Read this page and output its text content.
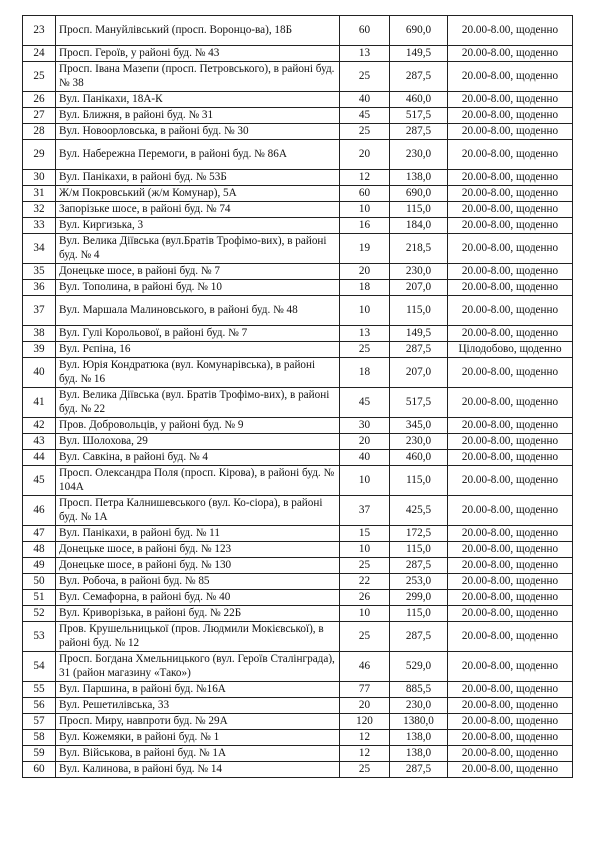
23	Просп. Мануйлівський (просп. Воронцо-ва), 18Б	60	690,0	20.00-8.00, щоденно
24	Просп. Героїв, у районі буд. № 43	13	149,5	20.00-8.00, щоденно
25	Просп. Івана Мазепи (просп. Петровського), в районі буд. № 38	25	287,5	20.00-8.00, щоденно
26	Вул. Панікахи, 18А-К	40	460,0	20.00-8.00, щоденно
27	Вул. Ближня, в районі буд. № 31	45	517,5	20.00-8.00, щоденно
28	Вул. Новоорловська, в районі буд. № 30	25	287,5	20.00-8.00, щоденно
29	Вул. Набережна Перемоги, в районі буд. № 86А	20	230,0	20.00-8.00, щоденно
30	Вул. Панікахи, в районі буд. № 53Б	12	138,0	20.00-8.00, щоденно
31	Ж/м Покровський (ж/м Комунар), 5А	60	690,0	20.00-8.00, щоденно
32	Запорізьке шосе, в районі буд. № 74	10	115,0	20.00-8.00, щоденно
33	Вул. Киргизька, 3	16	184,0	20.00-8.00, щоденно
34	Вул. Велика Діївська (вул.Братів Трофімо-вих), в районі буд. № 4	19	218,5	20.00-8.00, щоденно
35	Донецьке шосе, в районі буд. № 7	20	230,0	20.00-8.00, щоденно
36	Вул. Тополина, в районі буд. № 10	18	207,0	20.00-8.00, щоденно
37	Вул. Маршала Малиновського, в районі буд. № 48	10	115,0	20.00-8.00, щоденно
38	Вул. Гулі Корольової, в районі буд. № 7	13	149,5	20.00-8.00, щоденно
39	Вул. Рєпіна, 16	25	287,5	Цілодобово, щоденно
40	Вул. Юрія Кондратюка (вул. Комунарівська), в районі буд. № 16	18	207,0	20.00-8.00, щоденно
41	Вул. Велика Діївська (вул. Братів Трофімо-вих), в районі буд. № 22	45	517,5	20.00-8.00, щоденно
42	Пров. Добровольців, у районі буд. № 9	30	345,0	20.00-8.00, щоденно
43	Вул. Шолохова, 29	20	230,0	20.00-8.00, щоденно
44	Вул. Савкіна, в районі буд. № 4	40	460,0	20.00-8.00, щоденно
45	Просп. Олександра Поля (просп. Кірова), в районі буд. № 104А	10	115,0	20.00-8.00, щоденно
46	Просп. Петра Калнишевського (вул. Ко-сіора), в районі буд. № 1А	37	425,5	20.00-8.00, щоденно
47	Вул. Панікахи, в районі буд. № 11	15	172,5	20.00-8.00, щоденно
48	Донецьке шосе, в районі буд. № 123	10	115,0	20.00-8.00, щоденно
49	Донецьке шосе, в районі буд. № 130	25	287,5	20.00-8.00, щоденно
50	Вул. Робоча, в районі буд. № 85	22	253,0	20.00-8.00, щоденно
51	Вул. Семафорна, в районі буд. № 40	26	299,0	20.00-8.00, щоденно
52	Вул. Криворізька, в районі буд. № 22Б	10	115,0	20.00-8.00, щоденно
53	Пров. Крушельницької (пров. Людмили Мокієвської), в районі буд. № 12	25	287,5	20.00-8.00, щоденно
54	Просп. Богдана Хмельницького (вул. Героїв Сталінграда), 31 (район магазину «Тако»)	46	529,0	20.00-8.00, щоденно
55	Вул. Паршина, в районі буд. №16А	77	885,5	20.00-8.00, щоденно
56	Вул. Решетилівська, 33	20	230,0	20.00-8.00, щоденно
57	Просп. Миру, навпроти буд. № 29А	120	1380,0	20.00-8.00, щоденно
58	Вул. Кожемяки, в районі буд. № 1	12	138,0	20.00-8.00, щоденно
59	Вул. Військова, в районі буд. № 1А	12	138,0	20.00-8.00, щоденно
60	Вул. Калинова, в районі буд. № 14	25	287,5	20.00-8.00, щоденно
